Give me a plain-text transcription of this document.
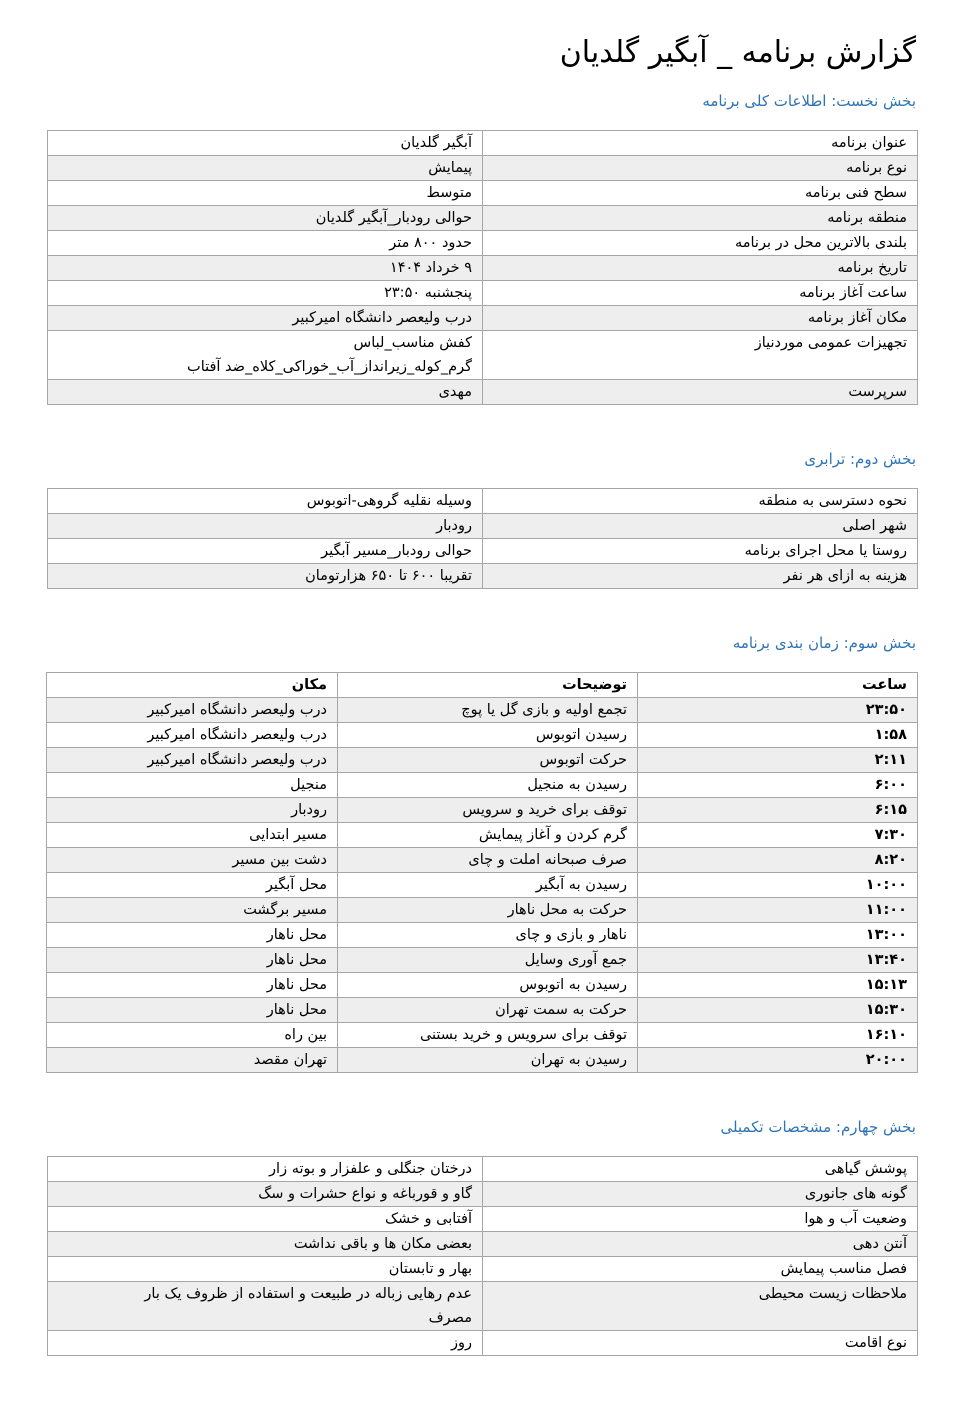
گزارش برنامه _ آبگیر گلدیان
بخش نخست: اطلاعات کلی برنامه
عنوان برنامه	آبگیر گلدیان
نوع برنامه	پیمایش
سطح فنی برنامه	متوسط
منطقه برنامه	حوالی رودبار_آبگیر گلدیان
بلندی بالاترین محل در برنامه	حدود ۸۰۰ متر
تاریخ برنامه	۹ خرداد ۱۴۰۴
ساعت آغاز برنامه	پنجشنبه ۲۳:۵۰
مکان آغاز برنامه	درب ولیعصر دانشگاه امیرکبیر
تجهیزات عمومی موردنیاز	کفش مناسب_لباس
گرم_کوله_زیرانداز_آب_خوراکی_کلاه_ضد آفتاب

سرپرست	مهدی
بخش دوم: ترابری
نحوه دسترسی به منطقه	وسیله نقلیه گروهی-اتوبوس
شهر اصلی	رودبار
روستا یا محل اجرای برنامه	حوالی رودبار_مسیر آبگیر
هزینه به ازای هر نفر	تقریبا ۶۰۰ تا ۶۵۰ هزارتومان
بخش سوم: زمان بندی برنامه
ساعت	توضیحات	مکان
۲۳:۵۰	تجمع اولیه و بازی گل یا پوچ	درب ولیعصر دانشگاه امیرکبیر
۱:۵۸	رسیدن اتوبوس	درب ولیعصر دانشگاه امیرکبیر
۲:۱۱	حرکت اتوبوس	درب ولیعصر دانشگاه امیرکبیر
۶:۰۰	رسیدن به منجیل	منجیل
۶:۱۵	توقف برای خرید و سرویس	رودبار
۷:۳۰	گرم کردن و آغاز پیمایش	مسیر ابتدایی
۸:۲۰	صرف صبحانه املت و چای	دشت بین مسیر
۱۰:۰۰	رسیدن به آبگیر	محل آبگیر
۱۱:۰۰	حرکت به محل ناهار	مسیر برگشت
۱۳:۰۰	ناهار و بازی و چای	محل ناهار
۱۳:۴۰	جمع آوری وسایل	محل ناهار
۱۵:۱۳	رسیدن به اتوبوس	محل ناهار
۱۵:۳۰	حرکت به سمت تهران	محل ناهار
۱۶:۱۰	توقف برای سرویس و خرید بستنی	بین راه
۲۰:۰۰	رسیدن به تهران	تهران مقصد
بخش چهارم: مشخصات تکمیلی
پوشش گیاهی	درختان جنگلی و علفزار و بوته زار
گونه های جانوری	گاو و قورباغه و نواع حشرات و سگ
وضعیت آب و هوا	آفتابی و خشک
آنتن دهی	بعضی مکان ها و باقی نداشت
فصل مناسب پیمایش	بهار و تابستان
ملاحظات زیست محیطی	عدم رهایی زباله در طبیعت و استفاده از ظروف یک بار
مصرف

نوع اقامت	روز
